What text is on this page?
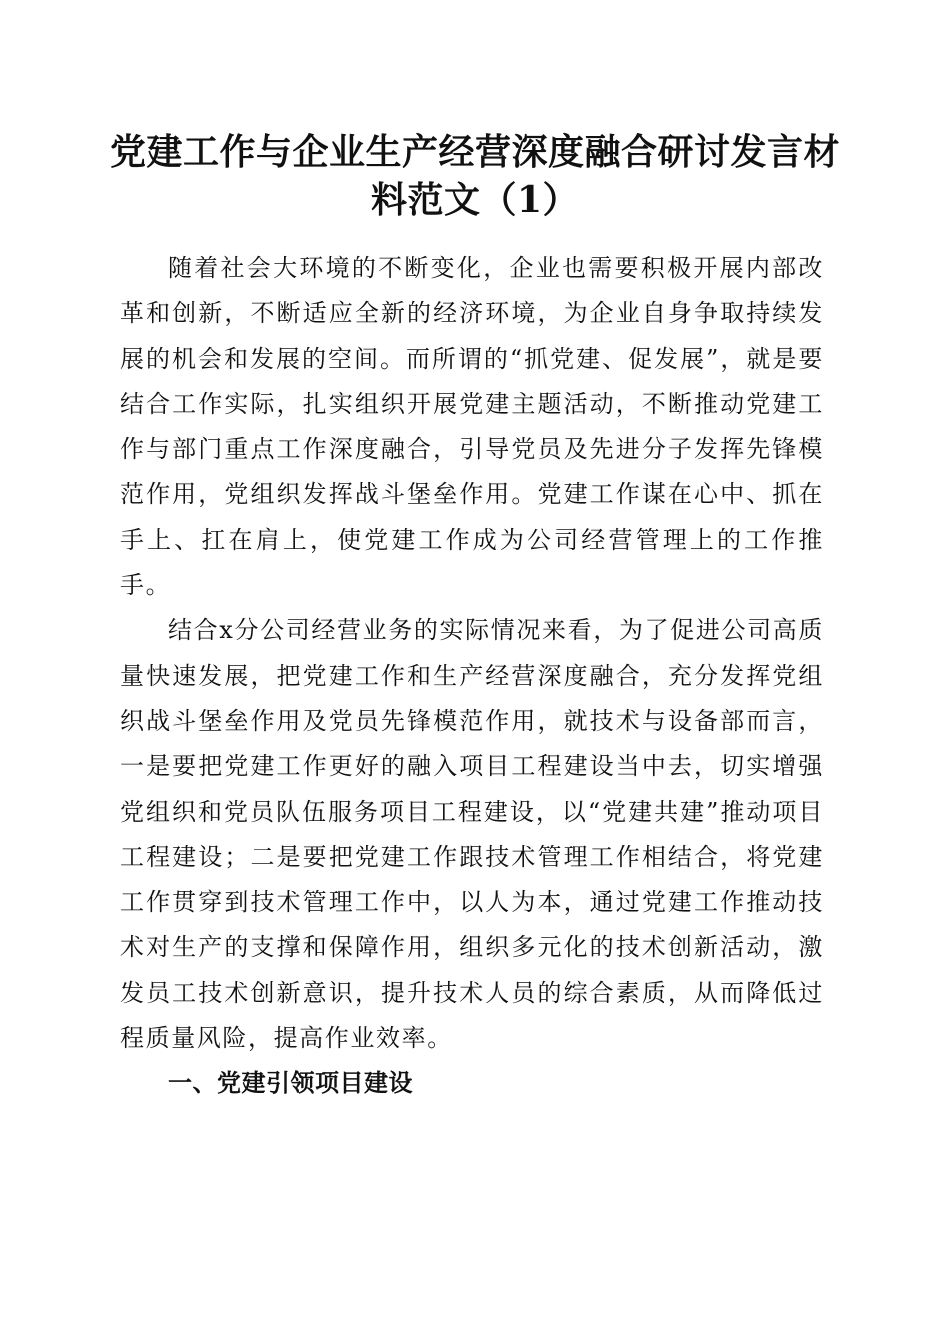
党建工作与企业生产经营深度融合研讨发言材料范文（1）

随着社会大环境的不断变化，企业也需要积极开展内部改革和创新，不断适应全新的经济环境，为企业自身争取持续发展的机会和发展的空间。而所谓的“抓党建、促发展”，就是要结合工作实际，扎实组织开展党建主题活动，不断推动党建工作与部门重点工作深度融合，引导党员及先进分子发挥先锋模范作用，党组织发挥战斗堡垒作用。党建工作谋在心中、抓在手上、扛在肩上，使党建工作成为公司经营管理上的工作推手。

结合x分公司经营业务的实际情况来看，为了促进公司高质量快速发展，把党建工作和生产经营深度融合，充分发挥党组织战斗堡垒作用及党员先锋模范作用，就技术与设备部而言，一是要把党建工作更好的融入项目工程建设当中去，切实增强党组织和党员队伍服务项目工程建设，以“党建共建”推动项目工程建设；二是要把党建工作跟技术管理工作相结合，将党建工作贯穿到技术管理工作中，以人为本，通过党建工作推动技术对生产的支撑和保障作用，组织多元化的技术创新活动，激发员工技术创新意识，提升技术人员的综合素质，从而降低过程质量风险，提高作业效率。

一、党建引领项目建设
